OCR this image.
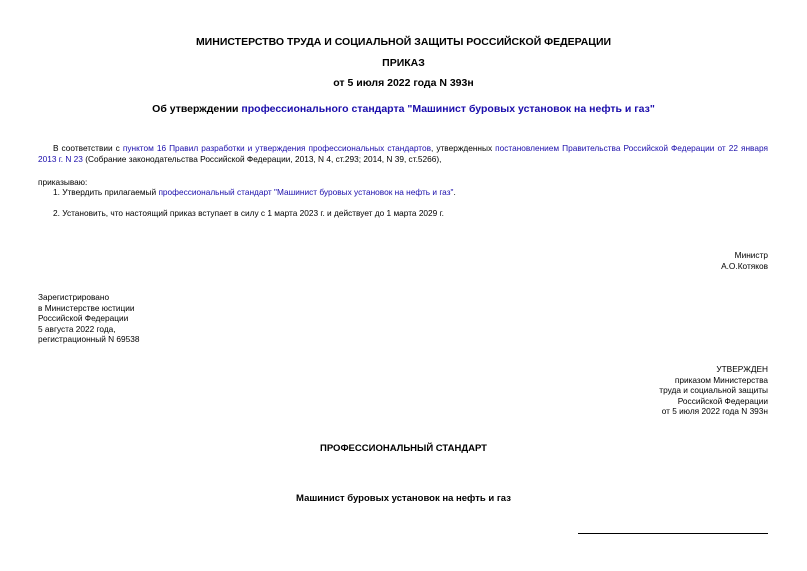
МИНИСТЕРСТВО ТРУДА И СОЦИАЛЬНОЙ ЗАЩИТЫ РОССИЙСКОЙ ФЕДЕРАЦИИ
ПРИКАЗ
от 5 июля 2022 года N 393н
Об утверждении профессионального стандарта "Машинист буровых установок на нефть и газ"
В соответствии с пунктом 16 Правил разработки и утверждения профессиональных стандартов, утвержденных постановлением Правительства Российской Федерации от 22 января 2013 г. N 23 (Собрание законодательства Российской Федерации, 2013, N 4, ст.293; 2014, N 39, ст.5266),
приказываю:
1. Утвердить прилагаемый профессиональный стандарт "Машинист буровых установок на нефть и газ".
2. Установить, что настоящий приказ вступает в силу с 1 марта 2023 г. и действует до 1 марта 2029 г.
Министр
А.О.Котяков
Зарегистрировано
в Министерстве юстиции
Российской Федерации
5 августа 2022 года,
регистрационный N 69538
УТВЕРЖДЕН
приказом Министерства
труда и социальной защиты
Российской Федерации
от 5 июля 2022 года N 393н
ПРОФЕССИОНАЛЬНЫЙ СТАНДАРТ
Машинист буровых установок на нефть и газ
